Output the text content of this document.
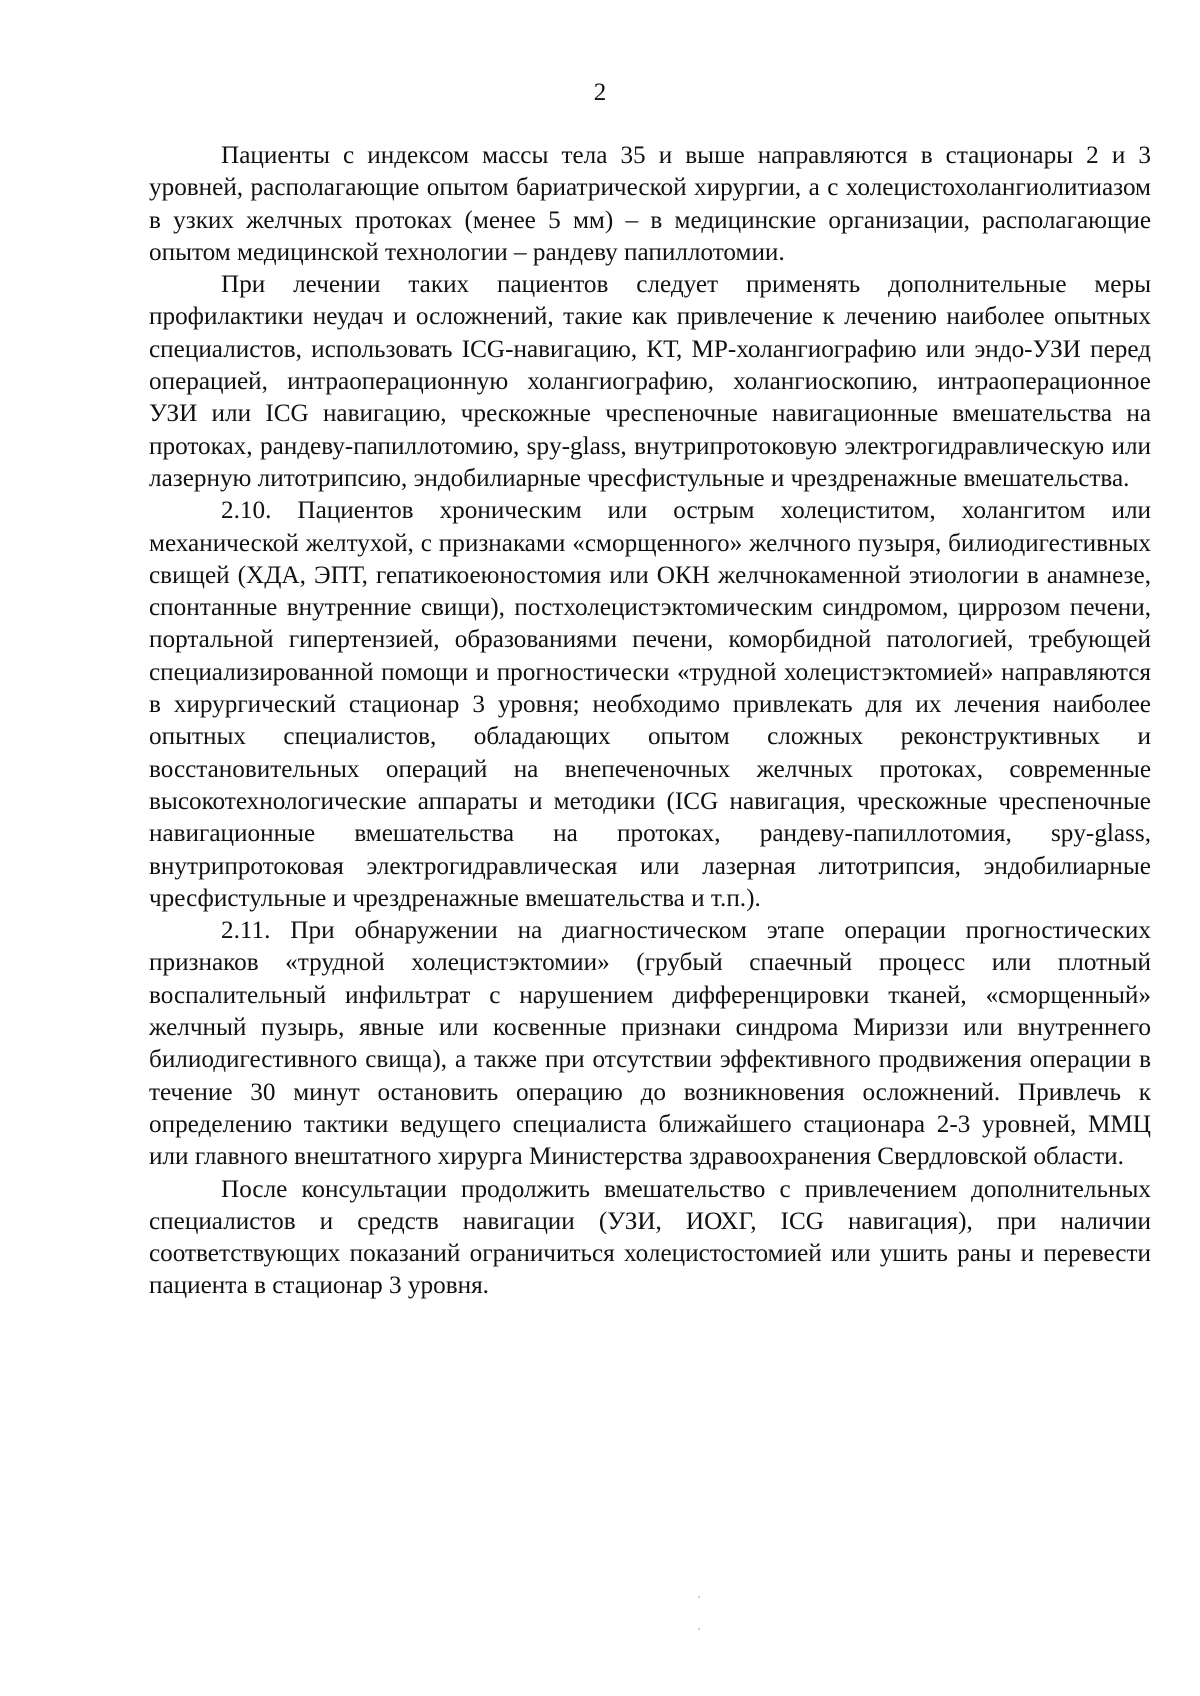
2

Пациенты с индексом массы тела 35 и выше направляются в стационары 2 и 3 уровней, располагающие опытом бариатрической хирургии, а с холецистохолангиолитиазом в узких желчных протоках (менее 5 мм) – в медицинские организации, располагающие опытом медицинской технологии – рандеву папиллотомии.

При лечении таких пациентов следует применять дополнительные меры профилактики неудач и осложнений, такие как привлечение к лечению наиболее опытных специалистов, использовать ICG-навигацию, КТ, МР-холангиографию или эндо-УЗИ перед операцией, интраоперационную холангиографию, холангиоскопию, интраоперационное УЗИ или ICG навигацию, чрескожные чреспеночные навигационные вмешательства на протоках, рандеву-папиллотомию, spy-glass, внутрипротоковую электрогидравлическую или лазерную литотрипсию, эндобилиарные чресфистульные и чрездренажные вмешательства.

2.10. Пациентов хроническим или острым холециститом, холангитом или механической желтухой, с признаками «сморщенного» желчного пузыря, билиодигестивных свищей (ХДА, ЭПТ, гепатикоеюностомия или ОКН желчнокаменной этиологии в анамнезе, спонтанные внутренние свищи), постхолецистэктомическим синдромом, циррозом печени, портальной гипертензией, образованиями печени, коморбидной патологией, требующей специализированной помощи и прогностически «трудной холецистэктомией» направляются в хирургический стационар 3 уровня; необходимо привлекать для их лечения наиболее опытных специалистов, обладающих опытом сложных реконструктивных и восстановительных операций на внепеченочных желчных протоках, современные высокотехнологические аппараты и методики (ICG навигация, чрескожные чреспеночные навигационные вмешательства на протоках, рандеву-папиллотомия, spy-glass, внутрипротоковая электрогидравлическая или лазерная литотрипсия, эндобилиарные чресфистульные и чрездренажные вмешательства и т.п.).

2.11. При обнаружении на диагностическом этапе операции прогностических признаков «трудной холецистэктомии» (грубый спаечный процесс или плотный воспалительный инфильтрат с нарушением дифференцировки тканей, «сморщенный» желчный пузырь, явные или косвенные признаки синдрома Мириззи или внутреннего билиодигестивного свища), а также при отсутствии эффективного продвижения операции в течение 30 минут остановить операцию до возникновения осложнений. Привлечь к определению тактики ведущего специалиста ближайшего стационара 2-3 уровней, ММЦ или главного внештатного хирурга Министерства здравоохранения Свердловской области.

После консультации продолжить вмешательство с привлечением дополнительных специалистов и средств навигации (УЗИ, ИОХГ, ICG навигация), при наличии соответствующих показаний ограничиться холецистостомией или ушить раны и перевести пациента в стационар 3 уровня.
